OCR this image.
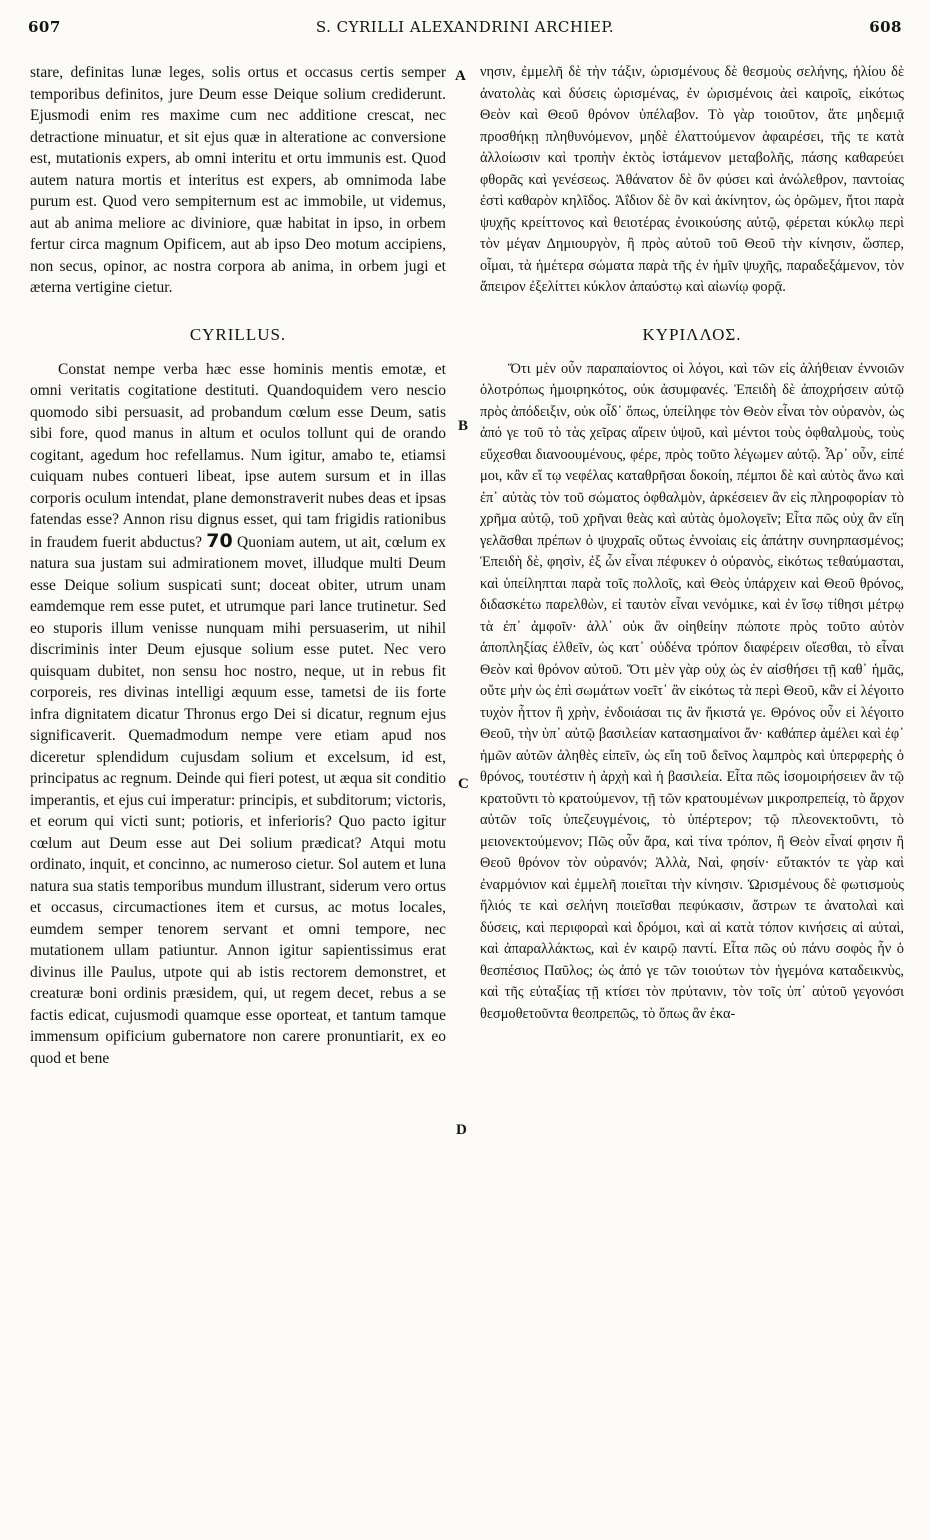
607	S. CYRILLI ALEXANDRINI ARCHIEP.	608

stare, definitas lunæ leges, solis ortus et occasus certis semper temporibus definitos, jure Deum esse Deique solium crediderunt. Ejusmodi enim res maxime cum nec additione crescat, nec detractione minuatur, et sit ejus quæ in alteratione ac conversione est, mutationis expers, ab omni interitu et ortu immunis est. Quod autem natura mortis et interitus est expers, ab omnimoda labe purum est. Quod vero sempiternum est ac immobile, ut videmus, aut ab anima meliore ac diviniore, quæ habitat in ipso, in orbem fertur circa magnum Opificem, aut ab ipso Deo motum accipiens, non secus, opinor, ac nostra corpora ab anima, in orbem jugi et æterna vertigine cietur.

CYRILLUS.

Constat nempe verba hæc esse hominis mentis emotæ, et omni veritatis cogitatione destituti. Quandoquidem vero nescio quomodo sibi persuasit, ad probandum cœlum esse Deum, satis sibi fore, quod manus in altum et oculos tollunt qui de orando cogitant, agedum hoc refellamus. Num igitur, amabo te, etiamsi cuiquam nubes contueri libeat, ipse autem sursum et in illas corporis oculum intendat, plane demonstraverit nubes deas et ipsas fatendas esse? Annon risu dignus esset, qui tam frigidis rationibus in fraudem fuerit abductus? 70 Quoniam autem, ut ait, cœlum ex natura sua justam sui admirationem movet, illudque multi Deum esse Deique solium suspicati sunt; doceat obiter, utrum unam eamdemque rem esse putet, et utrumque pari lance trutinetur. Sed eo stuporis illum venisse nunquam mihi persuaserim, ut nihil discriminis inter Deum ejusque solium esse putet. Nec vero quisquam dubitet, non sensu hoc nostro, neque, ut in rebus fit corporeis, res divinas intelligi æquum esse, tametsi de iis forte infra dignitatem dicatur Thronus ergo Dei si dicatur, regnum ejus significaverit. Quemadmodum nempe vere etiam apud nos diceretur splendidum cujusdam solium et excelsum, id est, principatus ac regnum. Deinde qui fieri potest, ut æqua sit conditio imperantis, et ejus cui imperatur: principis, et subditorum; victoris, et eorum qui victi sunt; potioris, et inferioris? Quo pacto igitur cœlum aut Deum esse aut Dei solium prædicat? Atqui motu ordinato, inquit, et concinno, ac numeroso cietur. Sol autem et luna natura sua statis temporibus mundum illustrant, siderum vero ortus et occasus, circumactiones item et cursus, ac motus locales, eumdem semper tenorem servant et omni tempore, nec mutationem ullam patiuntur. Annon igitur sapientissimus erat divinus ille Paulus, utpote qui ab istis rectorem demonstret, et creaturæ boni ordinis præsidem, qui, ut regem decet, rebus a se factis edicat, cujusmodi quamque esse oporteat, et tantum tamque immensum opificium gubernatore non carere pronuntiarit, ex eo quod et bene

A
B
C
D

νησιν, ἐμμελῆ δὲ τὴν τάξιν, ὡρισμένους δὲ θεσμοὺς σελήνης, ἡλίου δὲ ἀνατολὰς καὶ δύσεις ὡρισμένας, ἐν ὡρισμένοις ἀεὶ καιροῖς, εἰκότως Θεὸν καὶ Θεοῦ θρόνον ὑπέλαβον. Τὸ γὰρ τοιοῦτον, ἅτε μηδεμιᾷ προσθήκῃ πληθυνόμενον, μηδὲ ἐλαττούμενον ἀφαιρέσει, τῆς τε κατὰ ἀλλοίωσιν καὶ τροπὴν ἐκτὸς ἱστάμενον μεταβολῆς, πάσης καθαρεύει φθορᾶς καὶ γενέσεως. Ἀθάνατον δὲ ὂν φύσει καὶ ἀνώλεθρον, παντοίας ἐστὶ καθαρὸν κηλῖδος. Ἀΐδιον δὲ ὂν καὶ ἀκίνητον, ὡς ὁρῶμεν, ἤτοι παρὰ ψυχῆς κρείττονος καὶ θειοτέρας ἐνοικούσης αὐτῷ, φέρεται κύκλῳ περὶ τὸν μέγαν Δημιουργὸν, ἢ πρὸς αὐτοῦ τοῦ Θεοῦ τὴν κίνησιν, ὥσπερ, οἶμαι, τὰ ἡμέτερα σώματα παρὰ τῆς ἐν ἡμῖν ψυχῆς, παραδεξάμενον, τὸν ἄπειρον ἐξελίττει κύκλον ἀπαύστῳ καὶ αἰωνίῳ φορᾷ.

ΚΥΡΙΛΛΟΣ.

Ὅτι μὲν οὖν παραπαίοντος οἱ λόγοι, καὶ τῶν εἰς ἀλήθειαν ἐννοιῶν ὁλοτρόπως ἠμοιρηκότος, οὐκ ἀσυμφανές. Ἐπειδὴ δὲ ἀποχρήσειν αὐτῷ πρὸς ἀπόδειξιν, οὐκ οἶδ᾽ ὅπως, ὑπείληφε τὸν Θεὸν εἶναι τὸν οὐρανὸν, ὡς ἀπό γε τοῦ τὸ τὰς χεῖρας αἴρειν ὑψοῦ, καὶ μέντοι τοὺς ὀφθαλμοὺς, τοὺς εὔχεσθαι διανοουμένους, φέρε, πρὸς τοῦτο λέγωμεν αὐτῷ. Ἆρ᾽ οὖν, εἰπέ μοι, κἂν εἴ τῳ νεφέλας καταθρῆσαι δοκοίη, πέμποι δὲ καὶ αὐτὸς ἄνω καὶ ἐπ᾽ αὐτὰς τὸν τοῦ σώματος ὀφθαλμὸν, ἀρκέσειεν ἂν εἰς πληροφορίαν τὸ χρῆμα αὐτῷ, τοῦ χρῆναι θεὰς καὶ αὐτὰς ὁμολογεῖν; Εἶτα πῶς οὐχ ἂν εἴη γελᾶσθαι πρέπων ὁ ψυχραῖς οὕτως ἐννοίαις εἰς ἀπάτην συνηρπασμένος; Ἐπειδὴ δὲ, φησὶν, ἐξ ὧν εἶναι πέφυκεν ὁ οὐρανὸς, εἰκότως τεθαύμασται, καὶ ὑπείληπται παρὰ τοῖς πολλοῖς, καὶ Θεὸς ὑπάρχειν καὶ Θεοῦ θρόνος, διδασκέτω παρελθὼν, εἰ ταυτὸν εἶναι νενόμικε, καὶ ἐν ἴσῳ τίθησι μέτρῳ τὰ ἐπ᾽ ἀμφοῖν· ἀλλ᾽ οὐκ ἂν οἰηθείην πώποτε πρὸς τοῦτο αὐτὸν ἀποπληξίας ἐλθεῖν, ὡς κατ᾽ οὐδένα τρόπον διαφέρειν οἴεσθαι, τὸ εἶναι Θεὸν καὶ θρόνον αὐτοῦ. Ὅτι μὲν γὰρ οὐχ ὡς ἐν αἰσθήσει τῇ καθ᾽ ἡμᾶς, οὔτε μὴν ὡς ἐπὶ σωμάτων νοεῖτ᾽ ἂν εἰκότως τὰ περὶ Θεοῦ, κἂν εἰ λέγοιτο τυχὸν ἧττον ἢ χρὴν, ἐνδοιάσαι τις ἂν ἥκιστά γε. Θρόνος οὖν εἰ λέγοιτο Θεοῦ, τὴν ὑπ᾽ αὐτῷ βασιλείαν κατασημαίνοι ἄν· καθάπερ ἀμέλει καὶ ἐφ᾽ ἡμῶν αὐτῶν ἀληθὲς εἰπεῖν, ὡς εἴη τοῦ δεῖνος λαμπρὸς καὶ ὑπερφερὴς ὁ θρόνος, τουτέστιν ἡ ἀρχὴ καὶ ἡ βασιλεία. Εἶτα πῶς ἰσομοιρήσειεν ἂν τῷ κρατοῦντι τὸ κρατούμενον, τῇ τῶν κρατουμένων μικροπρεπείᾳ, τὸ ἄρχον αὐτῶν τοῖς ὑπεζευγμένοις, τὸ ὑπέρτερον; τῷ πλεονεκτοῦντι, τὸ μειονεκτούμενον; Πῶς οὖν ἄρα, καὶ τίνα τρόπον, ἢ Θεὸν εἶναί φησιν ἢ Θεοῦ θρόνον τὸν οὐρανόν; Ἀλλὰ, Ναὶ, φησίν· εὔτακτόν τε γὰρ καὶ ἐναρμόνιον καὶ ἐμμελῆ ποιεῖται τὴν κίνησιν. Ὡρισμένους δὲ φωτισμοὺς ἥλιός τε καὶ σελήνη ποιεῖσθαι πεφύκασιν, ἄστρων τε ἀνατολαὶ καὶ δύσεις, καὶ περιφοραὶ καὶ δρόμοι, καὶ αἱ κατὰ τόπον κινήσεις αἱ αὐταὶ, καὶ ἀπαραλλάκτως, καὶ ἐν καιρῷ παντί. Εἶτα πῶς οὐ πάνυ σοφὸς ἦν ὁ θεσπέσιος Παῦλος; ὡς ἀπό γε τῶν τοιούτων τὸν ἡγεμόνα καταδεικνὺς, καὶ τῆς εὐταξίας τῇ κτίσει τὸν πρύτανιν, τὸν τοῖς ὑπ᾽ αὐτοῦ γεγονόσι θεσμοθετοῦντα θεοπρεπῶς, τὸ ὅπως ἂν ἑκα-
